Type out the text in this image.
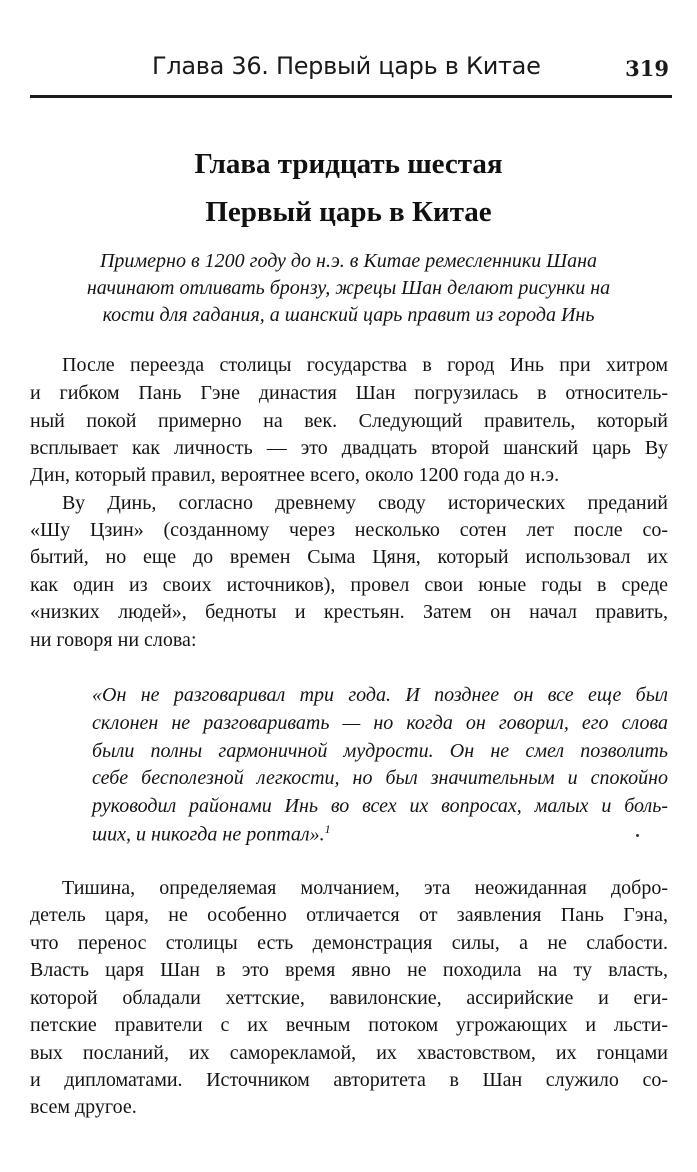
Глава 36. Первый царь в Китае	319
Глава тридцать шестая
Первый царь в Китае
Примерно в 1200 году до н.э. в Китае ремесленники Шана
начинают отливать бронзу, жрецы Шан делают рисунки на
кости для гадания, а шанский царь правит из города Инь
После переезда столицы государства в город Инь при хитром
и гибком Пань Гэне династия Шан погрузилась в относитель-
ный покой примерно на век. Следующий правитель, который
всплывает как личность — это двадцать второй шанский царь Ву
Дин, который правил, вероятнее всего, около 1200 года до н.э.
Ву Динь, согласно древнему своду исторических преданий
«Шу Цзин» (созданному через несколько сотен лет после со-
бытий, но еще до времен Сыма Цяня, который использовал их
как один из своих источников), провел свои юные годы в среде
«низких людей», бедноты и крестьян. Затем он начал править,
ни говоря ни слова:
«Он не разговаривал три года. И позднее он все еще был
склонен не разговаривать — но когда он говорил, его слова
были полны гармоничной мудрости. Он не смел позволить
себе бесполезной легкости, но был значительным и спокойно
руководил районами Инь во всех их вопросах, малых и боль-
ших, и никогда не роптал».$^1$
Тишина, определяемая молчанием, эта неожиданная добро-
детель царя, не особенно отличается от заявления Пань Гэна,
что перенос столицы есть демонстрация силы, а не слабости.
Власть царя Шан в это время явно не походила на ту власть,
которой обладали хеттские, вавилонские, ассирийские и еги-
петские правители с их вечным потоком угрожающих и льсти-
вых посланий, их саморекламой, их хвастовством, их гонцами
и дипломатами. Источником авторитета в Шан служило со-
всем другое.
